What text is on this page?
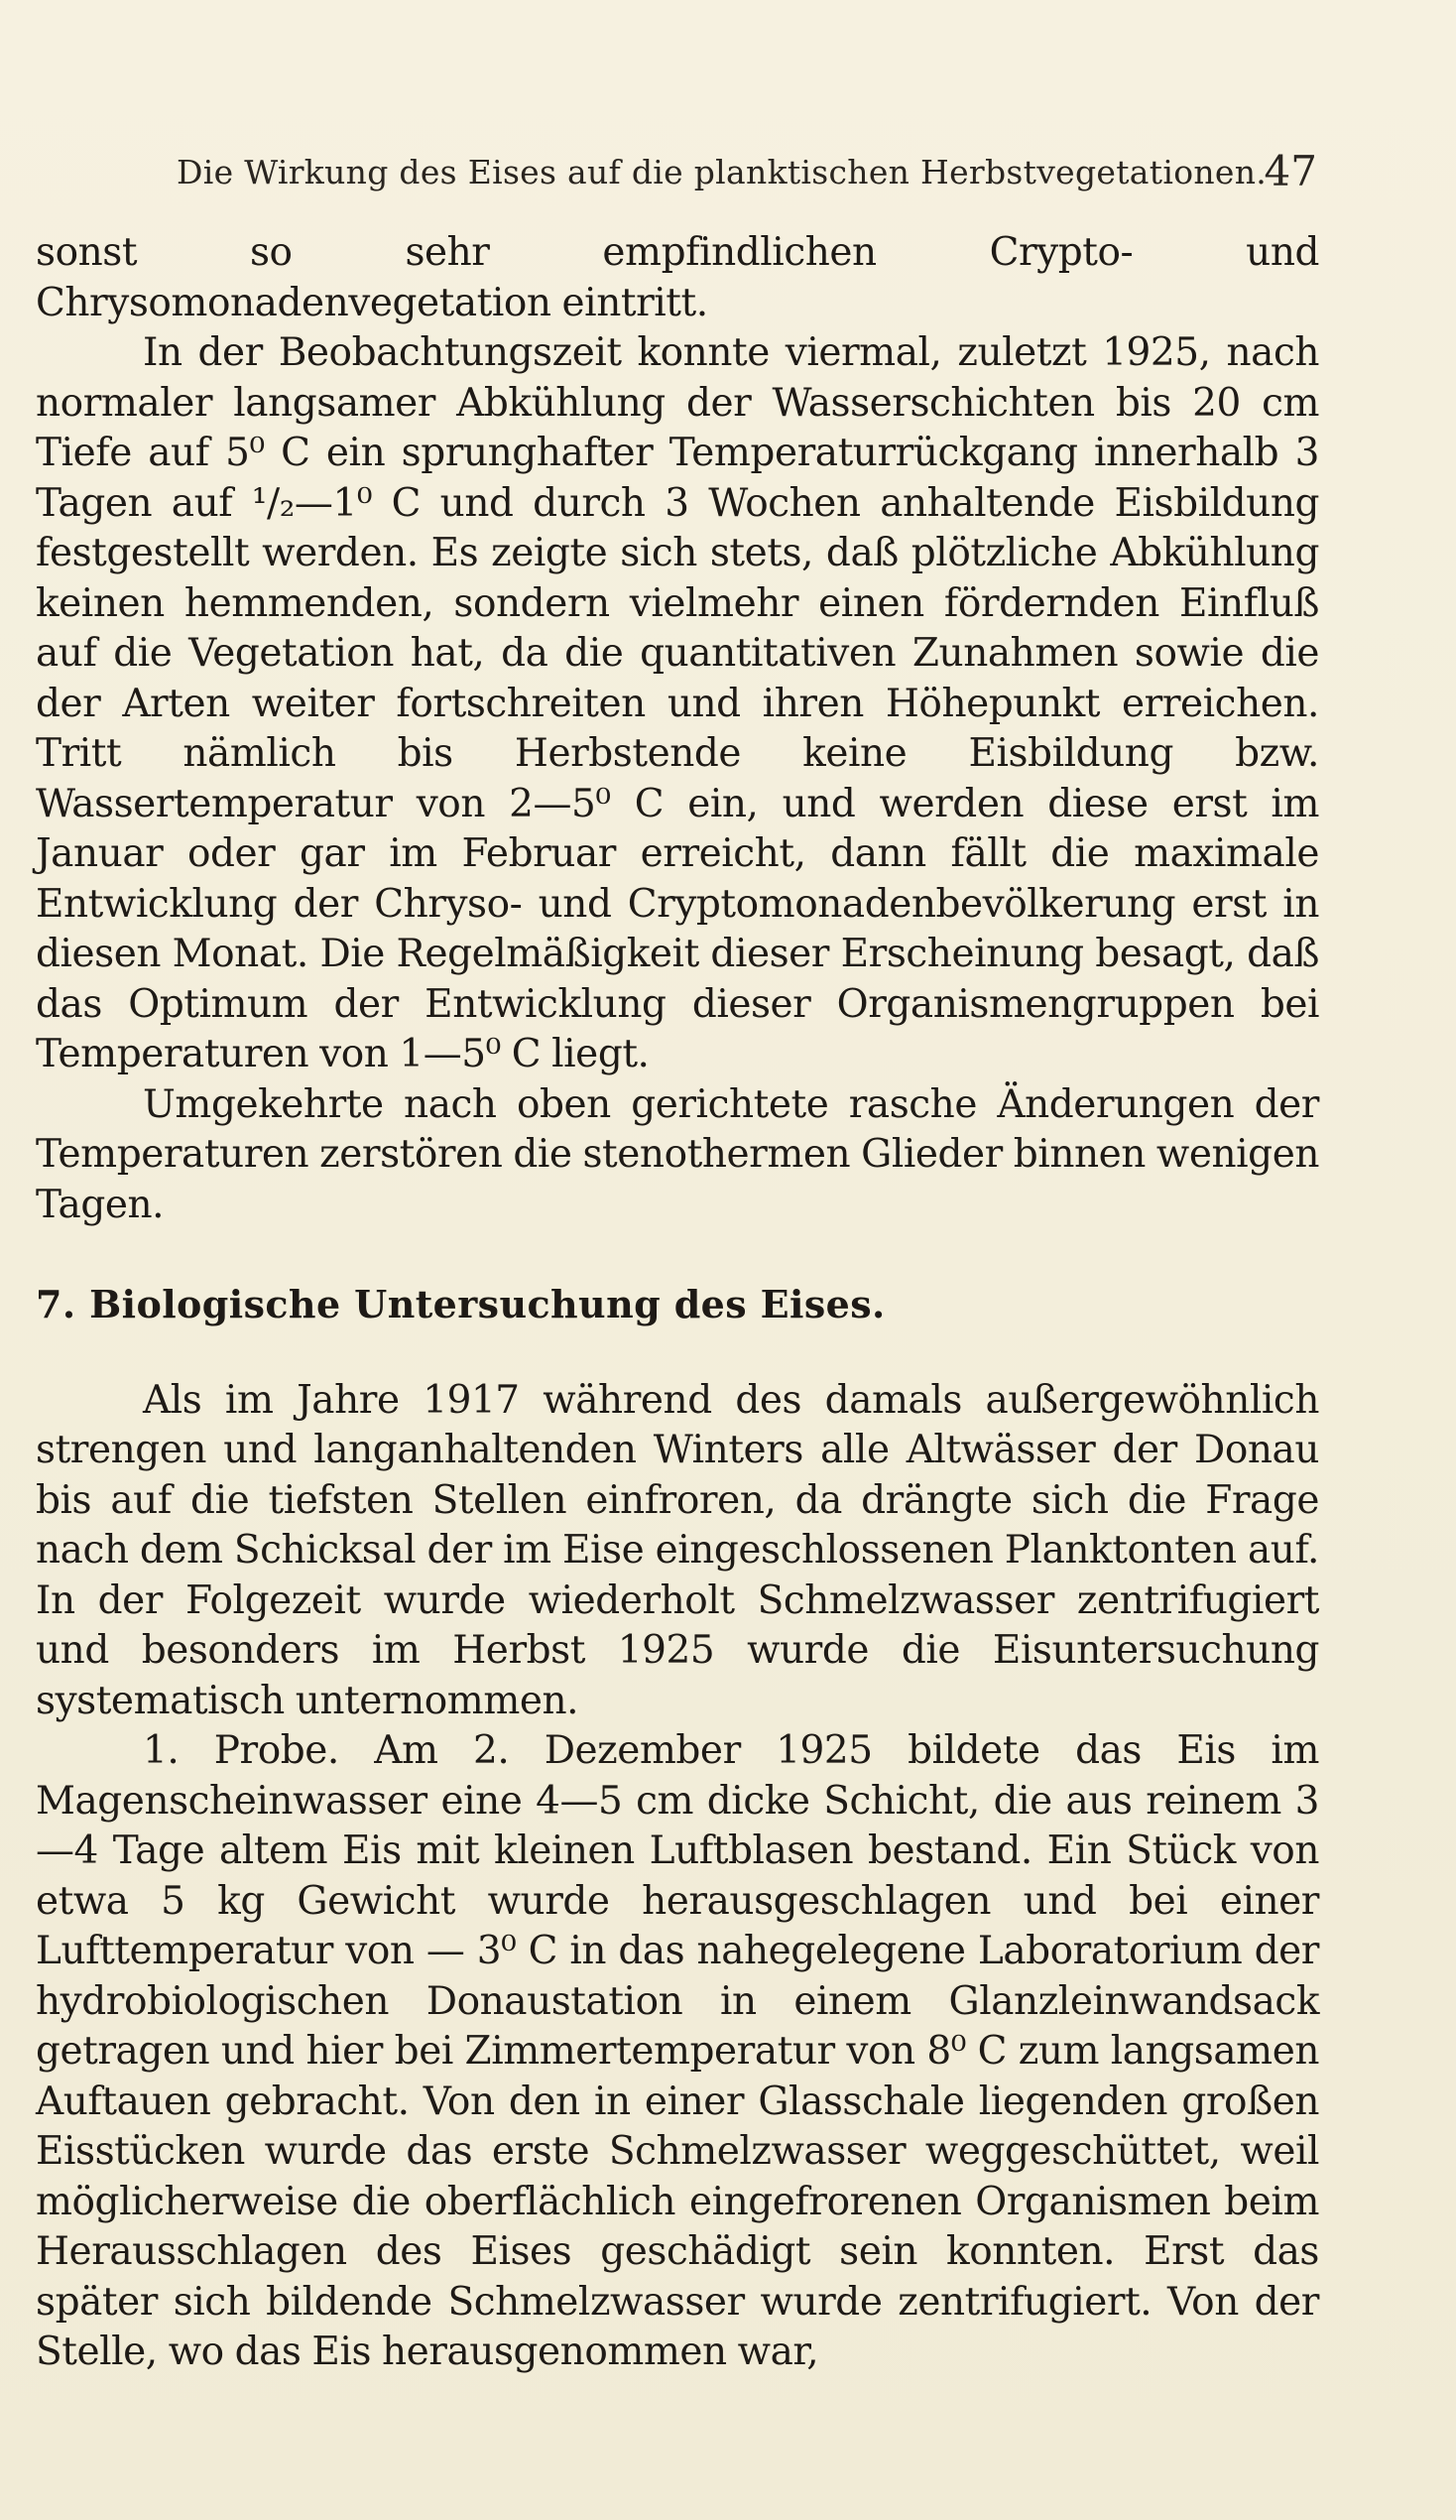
Die Wirkung des Eises auf die planktischen Herbstvegetationen.
47

sonst so sehr empfindlichen Crypto- und Chrysomonadenvegetation eintritt.

In der Beobachtungszeit konnte viermal, zuletzt 1925, nach normaler langsamer Abkühlung der Wasserschichten bis 20 cm Tiefe auf 5⁰ C ein sprunghafter Temperaturrückgang innerhalb 3 Tagen auf ¹/₂—1⁰ C und durch 3 Wochen anhaltende Eisbildung festgestellt werden. Es zeigte sich stets, daß plötzliche Abkühlung keinen hemmenden, sondern vielmehr einen fördernden Einfluß auf die Vegetation hat, da die quantitativen Zunahmen sowie die der Arten weiter fortschreiten und ihren Höhepunkt erreichen. Tritt nämlich bis Herbstende keine Eisbildung bzw. Wassertemperatur von 2—5⁰ C ein, und werden diese erst im Januar oder gar im Februar erreicht, dann fällt die maximale Entwicklung der Chryso- und Cryptomonadenbevölkerung erst in diesen Monat. Die Regelmäßigkeit dieser Erscheinung besagt, daß das Optimum der Entwicklung dieser Organismengruppen bei Temperaturen von 1—5⁰ C liegt.

Umgekehrte nach oben gerichtete rasche Änderungen der Temperaturen zerstören die stenothermen Glieder binnen wenigen Tagen.

7. Biologische Untersuchung des Eises.

Als im Jahre 1917 während des damals außergewöhnlich strengen und langanhaltenden Winters alle Altwässer der Donau bis auf die tiefsten Stellen einfroren, da drängte sich die Frage nach dem Schicksal der im Eise eingeschlossenen Planktonten auf. In der Folgezeit wurde wiederholt Schmelzwasser zentrifugiert und besonders im Herbst 1925 wurde die Eisuntersuchung systematisch unternommen.

1. Probe. Am 2. Dezember 1925 bildete das Eis im Magenscheinwasser eine 4—5 cm dicke Schicht, die aus reinem 3—4 Tage altem Eis mit kleinen Luftblasen bestand. Ein Stück von etwa 5 kg Gewicht wurde herausgeschlagen und bei einer Lufttemperatur von — 3⁰ C in das nahegelegene Laboratorium der hydrobiologischen Donaustation in einem Glanzleinwandsack getragen und hier bei Zimmertemperatur von 8⁰ C zum langsamen Auftauen gebracht. Von den in einer Glasschale liegenden großen Eisstücken wurde das erste Schmelzwasser weggeschüttet, weil möglicherweise die oberflächlich eingefrorenen Organismen beim Herausschlagen des Eises geschädigt sein konnten. Erst das später sich bildende Schmelzwasser wurde zentrifugiert. Von der Stelle, wo das Eis herausgenommen war,
